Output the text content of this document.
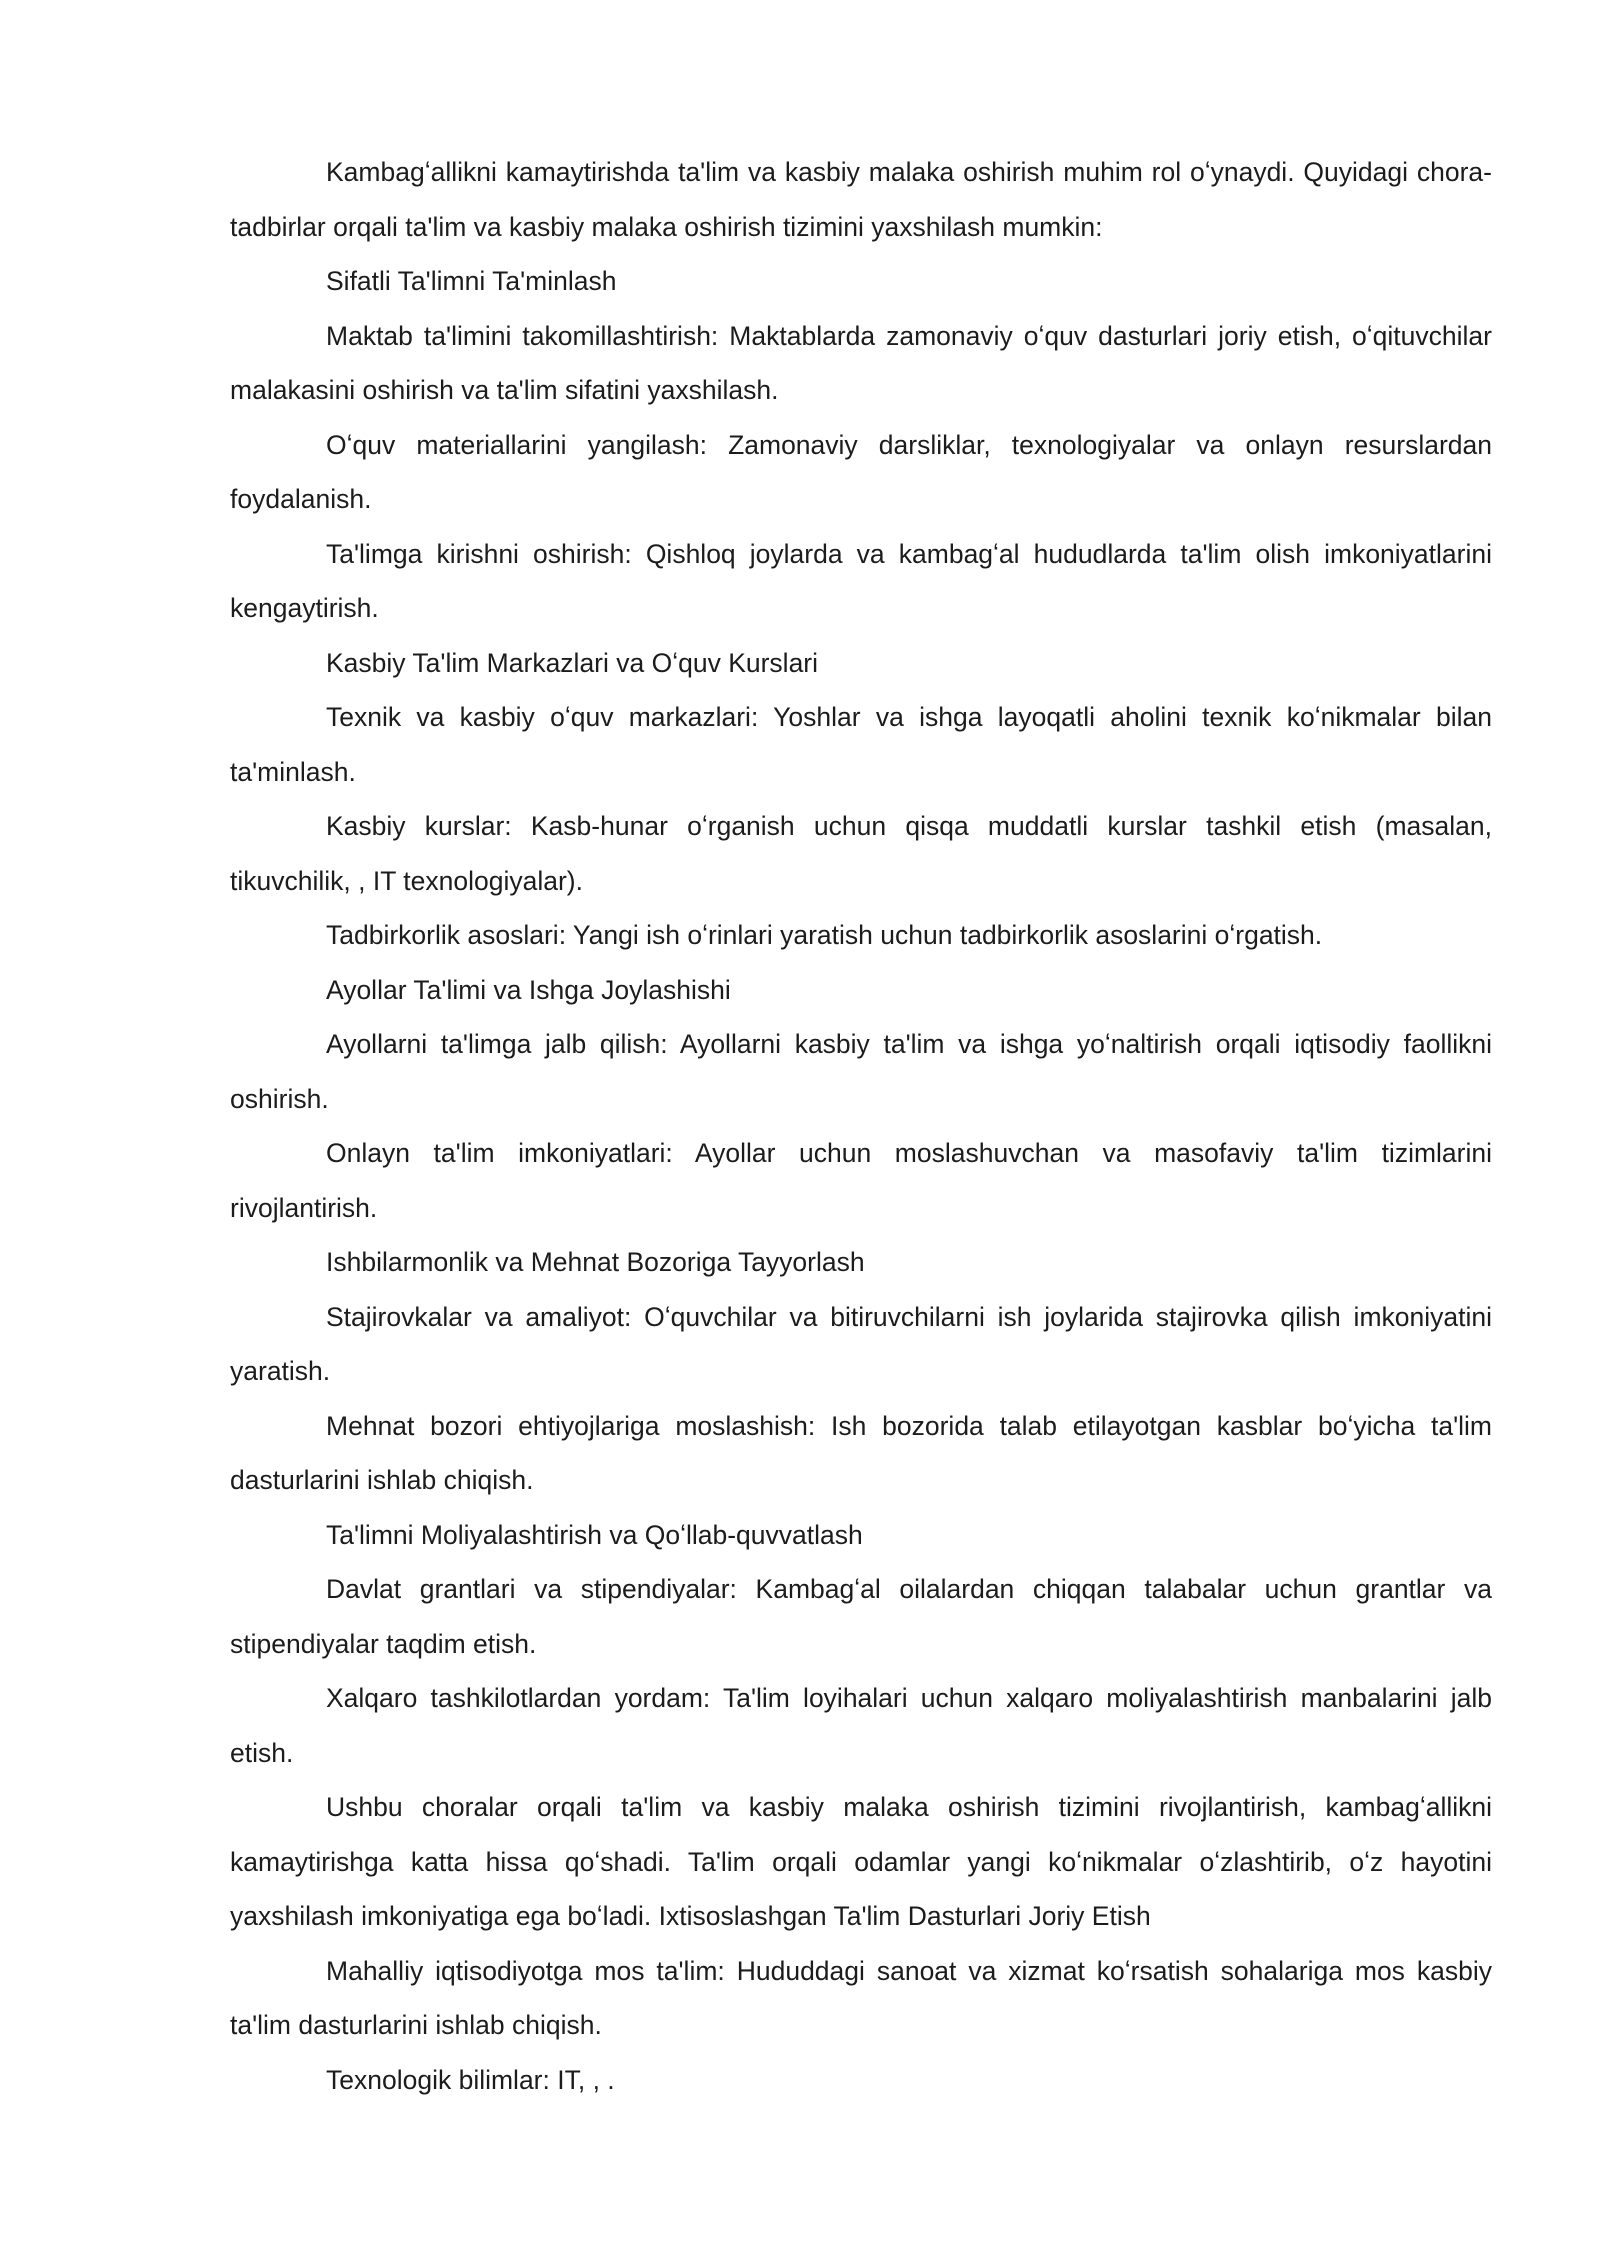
Kambagʻallikni kamaytirishda ta'lim va kasbiy malaka oshirish muhim rol oʻynaydi. Quyidagi chora-tadbirlar orqali ta'lim va kasbiy malaka oshirish tizimini yaxshilash mumkin:

Sifatli Ta'limni Ta'minlash

Maktab ta'limini takomillashtirish: Maktablarda zamonaviy oʻquv dasturlari joriy etish, oʻqituvchilar malakasini oshirish va ta'lim sifatini yaxshilash.

Oʻquv materiallarini yangilash: Zamonaviy darsliklar, texnologiyalar va onlayn resurslardan foydalanish.

Ta'limga kirishni oshirish: Qishloq joylarda va kambagʻal hududlarda ta'lim olish imkoniyatlarini kengaytirish.

Kasbiy Ta'lim Markazlari va Oʻquv Kurslari

Texnik va kasbiy oʻquv markazlari: Yoshlar va ishga layoqatli aholini texnik koʻnikmalar bilan ta'minlash.

Kasbiy kurslar: Kasb-hunar oʻrganish uchun qisqa muddatli kurslar tashkil etish (masalan, tikuvchilik, , IT texnologiyalar).

Tadbirkorlik asoslari: Yangi ish oʻrinlari yaratish uchun tadbirkorlik asoslarini oʻrgatish.

Ayollar Ta'limi va Ishga Joylashishi

Ayollarni ta'limga jalb qilish: Ayollarni kasbiy ta'lim va ishga yoʻnaltirish orqali iqtisodiy faollikni oshirish.

Onlayn ta'lim imkoniyatlari: Ayollar uchun moslashuvchan va masofaviy ta'lim tizimlarini rivojlantirish.

Ishbilarmonlik va Mehnat Bozoriga Tayyorlash

Stajirovkalar va amaliyot: Oʻquvchilar va bitiruvchilarni ish joylarida stajirovka qilish imkoniyatini yaratish.

Mehnat bozori ehtiyojlariga moslashish: Ish bozorida talab etilayotgan kasblar boʻyicha ta'lim dasturlarini ishlab chiqish.

Ta'limni Moliyalashtirish va Qoʻllab-quvvatlash

Davlat grantlari va stipendiyalar: Kambagʻal oilalardan chiqqan talabalar uchun grantlar va stipendiyalar taqdim etish.

Xalqaro tashkilotlardan yordam: Ta'lim loyihalari uchun xalqaro moliyalashtirish manbalarini jalb etish.

Ushbu choralar orqali ta'lim va kasbiy malaka oshirish tizimini rivojlantirish, kambagʻallikni kamaytirishga katta hissa qoʻshadi. Ta'lim orqali odamlar yangi koʻnikmalar oʻzlashtirib, oʻz hayotini yaxshilash imkoniyatiga ega boʻladi. Ixtisoslashgan Ta'lim Dasturlari Joriy Etish

Mahalliy iqtisodiyotga mos ta'lim: Hududdagi sanoat va xizmat koʻrsatish sohalariga mos kasbiy ta'lim dasturlarini ishlab chiqish.

Texnologik bilimlar: IT, , .
